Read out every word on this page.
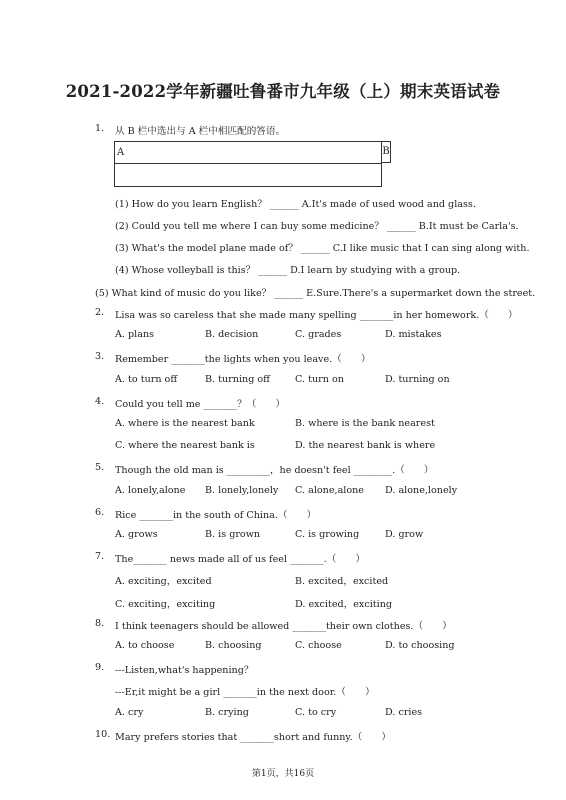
2021-2022学年新疆吐鲁番市九年级（上）期末英语试卷
1. 从 B 栏中选出与 A 栏中相匹配的答语。
A	B
(1) How do you learn English？ ______ A.It's made of used wood and glass.
(2) Could you tell me where I can buy some medicine？ ______ B.It must be Carla's.
(3) What's the model plane made of？ ______ C.I like music that I can sing along with.
(4) Whose volleyball is this？ ______ D.I learn by studying with a group.
(5) What kind of music do you like？ ______ E.Sure.There's a supermarket down the street.
2. Lisa was so careless that she made many spelling _______in her homework.（　　）
A. plans	B. decision	C. grades	D. mistakes
3. Remember _______the lights when you leave.（　　）
A. to turn off	B. turning off	C. turn on	D. turning on
4. Could you tell me _______？（　　）
A. where is the nearest bank	B. where is the bank nearest
C. where the nearest bank is	D. the nearest bank is where
5. Though the old man is _________，he doesn't feel ________.（　　）
A. lonely,alone B. lonely,lonely C. alone,alone D. alone,lonely
6. Rice _______in the south of China.（　　）
A. grows	B. is grown	C. is growing	D. grow
7. The_______ news made all of us feel _______.（　　）
A. exciting，excited	B. excited，excited
C. exciting，exciting	D. excited，exciting
8. I think teenagers should be allowed _______their own clothes.（　　）
A. to choose	B. choosing	C. choose	D. to choosing
9. ---Listen,what's happening？
---Er,it might be a girl _______in the next door.（　　）
A. cry	B. crying	C. to cry	D. cries
10. Mary prefers stories that _______short and funny.（　　）
第1页，共16页
